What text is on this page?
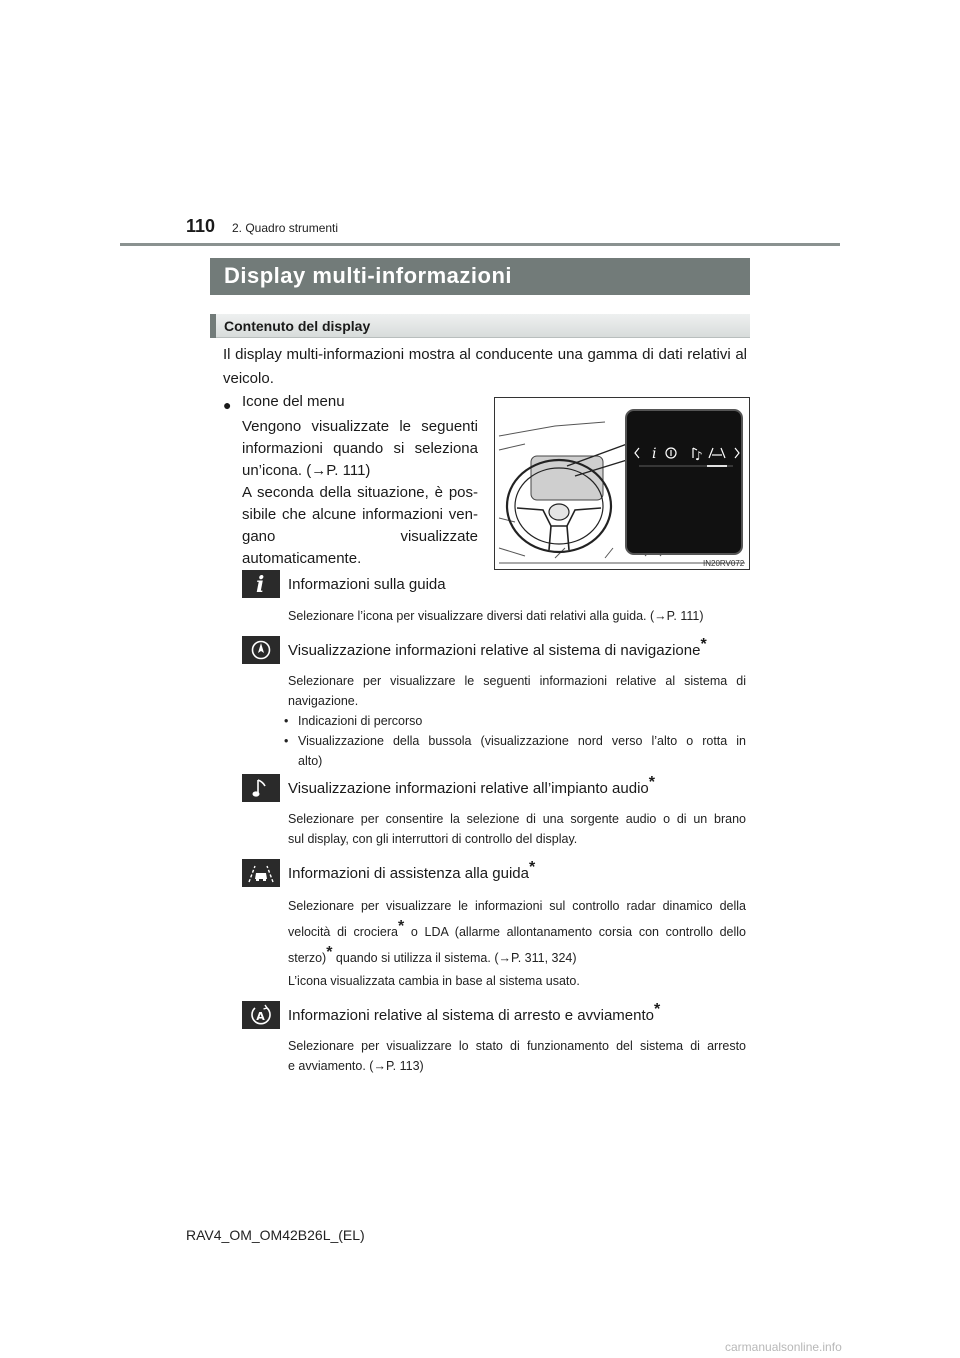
110 2. Quadro strumenti
Display multi-informazioni
Contenuto del display
Il display multi-informazioni mostra al conducente una gamma di dati relativi al veicolo.
● Icone del menu

Vengono visualizzate le seguenti

informazioni quando si seleziona

un’icona. (→P. 111)

A seconda della situazione, è pos-

sibile che alcune informazioni ven-

gano visualizzate

automaticamente.

i	♪
IN20RV072
i Informazioni sulla guida
Selezionare l’icona per visualizzare diversi dati relativi alla guida. (→P. 111)
Visualizzazione informazioni relative al sistema di navigazione*
Selezionare per visualizzare le seguenti informazioni relative al sistema di
navigazione.
• Indicazioni di percorso
• Visualizzazione della bussola (visualizzazione nord verso l’alto o rotta in
alto)
Visualizzazione informazioni relative all’impianto audio*
Selezionare per consentire la selezione di una sorgente audio o di un brano
sul display, con gli interruttori di controllo del display.
Informazioni di assistenza alla guida*
Selezionare per visualizzare le informazioni sul controllo radar dinamico della
velocità di crociera* o LDA (allarme allontanamento corsia con controllo dello
sterzo)* quando si utilizza il sistema. (→P. 311, 324)
L’icona visualizzata cambia in base al sistema usato.
A Informazioni relative al sistema di arresto e avviamento*
Selezionare per visualizzare lo stato di funzionamento del sistema di arresto
e avviamento. (→P. 113)
RAV4_OM_OM42B26L_(EL)
carmanualsonline.info
